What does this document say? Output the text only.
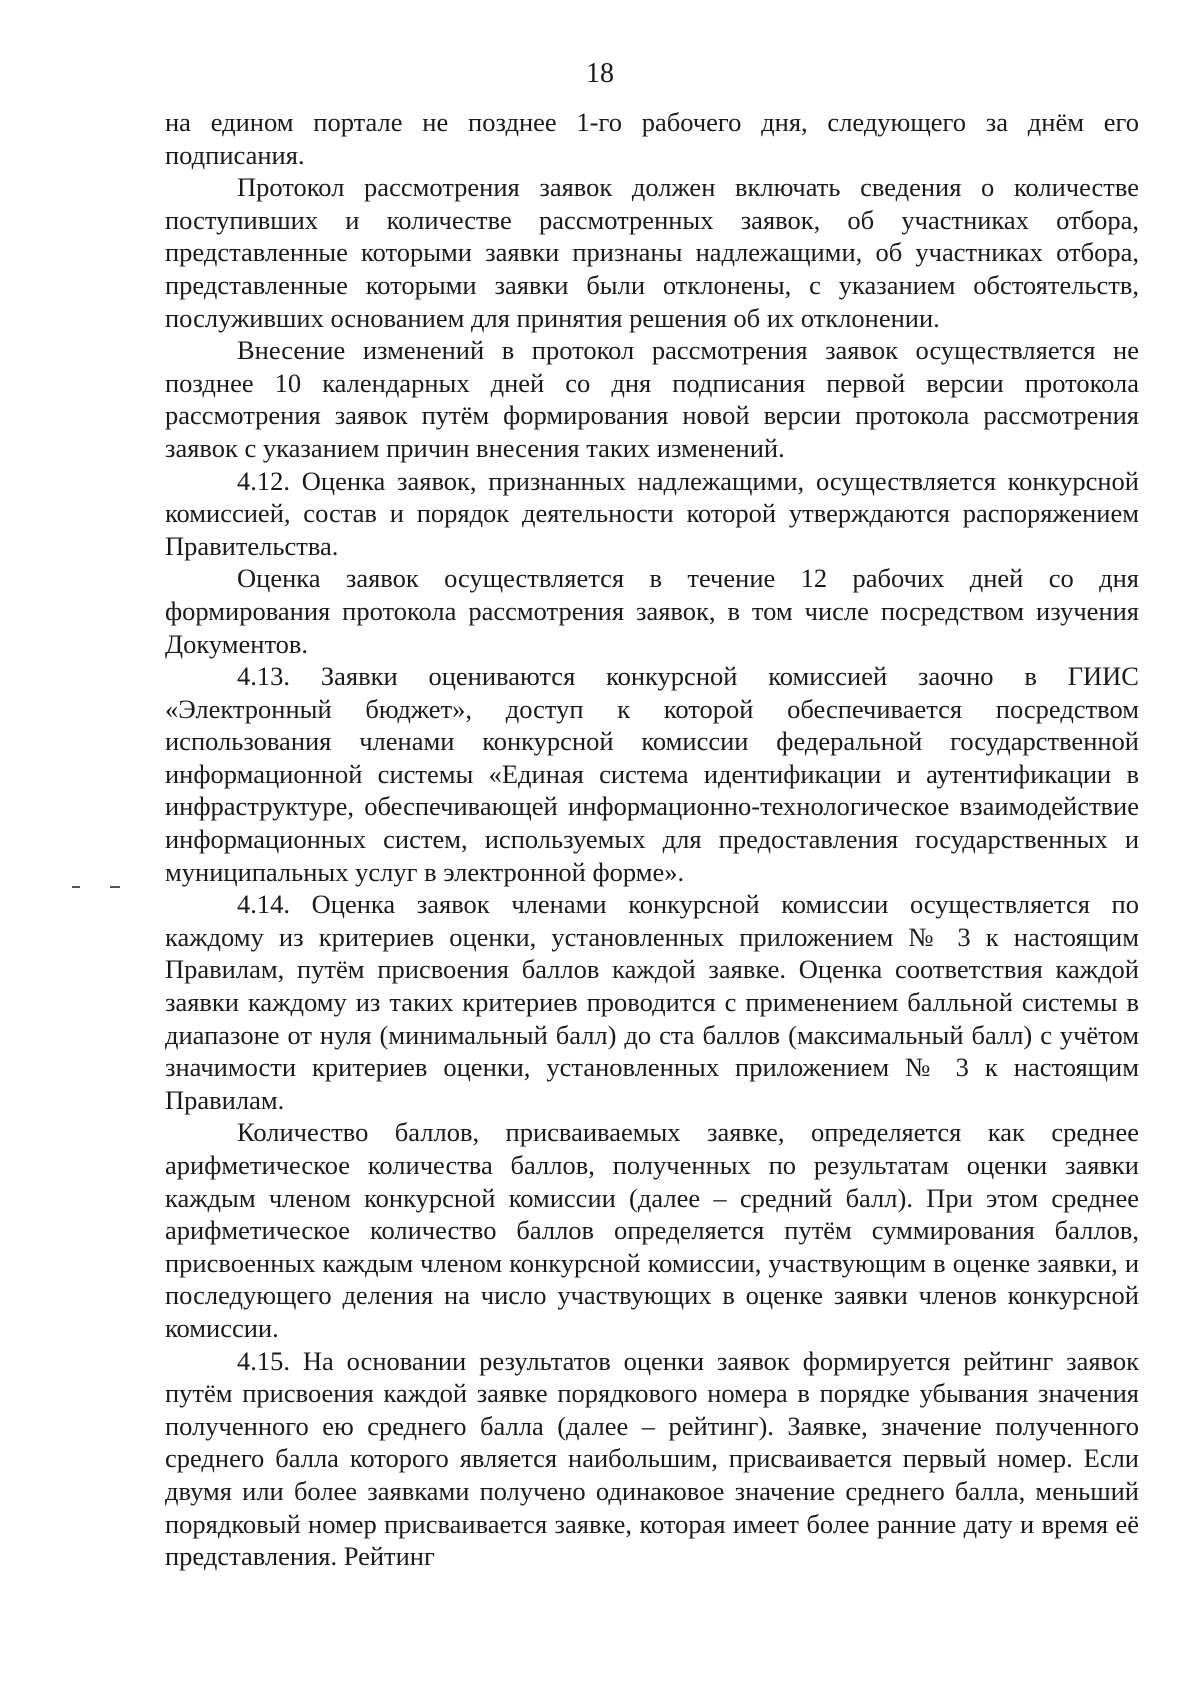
18

на едином портале не позднее 1-го рабочего дня, следующего за днём его подписания.

Протокол рассмотрения заявок должен включать сведения о количестве поступивших и количестве рассмотренных заявок, об участниках отбора, представленные которыми заявки признаны надлежащими, об участниках отбора, представленные которыми заявки были отклонены, с указанием обстоятельств, послуживших основанием для принятия решения об их отклонении.

Внесение изменений в протокол рассмотрения заявок осуществляется не позднее 10 календарных дней со дня подписания первой версии протокола рассмотрения заявок путём формирования новой версии протокола рассмотрения заявок с указанием причин внесения таких изменений.

4.12. Оценка заявок, признанных надлежащими, осуществляется конкурсной комиссией, состав и порядок деятельности которой утверждаются распоряжением Правительства.

Оценка заявок осуществляется в течение 12 рабочих дней со дня формирования протокола рассмотрения заявок, в том числе посредством изучения Документов.

4.13. Заявки оцениваются конкурсной комиссией заочно в ГИИС «Электронный бюджет», доступ к которой обеспечивается посредством использования членами конкурсной комиссии федеральной государственной информационной системы «Единая система идентификации и аутентификации в инфраструктуре, обеспечивающей информационно-технологическое взаимодействие информационных систем, используемых для предоставления государственных и муниципальных услуг в электронной форме».

4.14. Оценка заявок членами конкурсной комиссии осуществляется по каждому из критериев оценки, установленных приложением № 3 к настоящим Правилам, путём присвоения баллов каждой заявке. Оценка соответствия каждой заявки каждому из таких критериев проводится с применением балльной системы в диапазоне от нуля (минимальный балл) до ста баллов (максимальный балл) с учётом значимости критериев оценки, установленных приложением № 3 к настоящим Правилам.

Количество баллов, присваиваемых заявке, определяется как среднее арифметическое количества баллов, полученных по результатам оценки заявки каждым членом конкурсной комиссии (далее – средний балл). При этом среднее арифметическое количество баллов определяется путём суммирования баллов, присвоенных каждым членом конкурсной комиссии, участвующим в оценке заявки, и последующего деления на число участвующих в оценке заявки членов конкурсной комиссии.

4.15. На основании результатов оценки заявок формируется рейтинг заявок путём присвоения каждой заявке порядкового номера в порядке убывания значения полученного ею среднего балла (далее – рейтинг). Заявке, значение полученного среднего балла которого является наибольшим, присваивается первый номер. Если двумя или более заявками получено одинаковое значение среднего балла, меньший порядковый номер присваивается заявке, которая имеет более ранние дату и время её представления. Рейтинг
